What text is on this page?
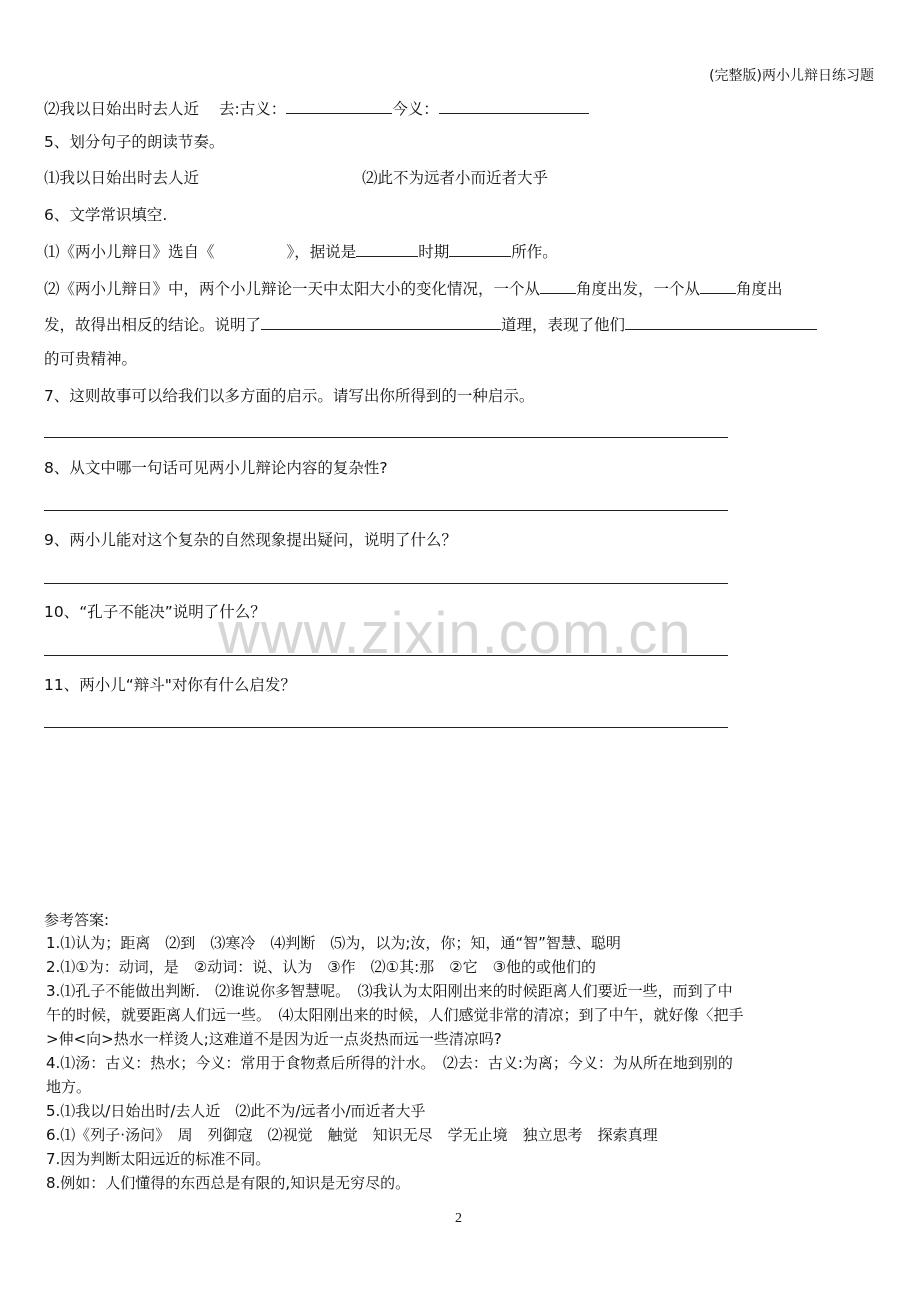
(完整版)两小儿辩日练习题
www.zixin.com.cn
⑵我以日始出时去人近 去:古义：	今义：
5、划分句子的朗读节奏。
⑴我以日始出时去人近	⑵此不为远者小而近者大乎
6、文学常识填空.
⑴《两小儿辩日》选自《	》，据说是	时期	所作。
⑵《两小儿辩日》中，两个小儿辩论一天中太阳大小的变化情况，一个从 角度出发，一个从 角度出
发，故得出相反的结论。说明了	道理，表现了他们
的可贵精神。
7、这则故事可以给我们以多方面的启示。请写出你所得到的一种启示。
8、从文中哪一句话可见两小儿辩论内容的复杂性?
9、两小儿能对这个复杂的自然现象提出疑问，说明了什么？
10、“孔子不能决”说明了什么？
11、两小儿“辩斗"对你有什么启发？
参考答案:
1.⑴认为；距离　⑵到　⑶寒冷　⑷判断　⑸为，以为;汝，你；知，通“智”智慧、聪明
2.⑴①为：动词，是　②动词：说、认为　③作　⑵①其:那　②它　③他的或他们的
3.⑴孔子不能做出判断.　⑵谁说你多智慧呢。　⑶我认为太阳刚出来的时候距离人们要近一些，而到了中
午的时候，就要距离人们远一些。　⑷太阳刚出来的时候，人们感觉非常的清凉；到了中午，就好像〈把手
>伸<向>热水一样烫人;这难道不是因为近一点炎热而远一些清凉吗?
4.⑴汤：古义：热水；今义：常用于食物煮后所得的汁水。　⑵去：古义:为离；今义：为从所在地到别的
地方。
5.⑴我以/日始出时/去人近　⑵此不为/远者小/而近者大乎
6.⑴《列子·汤问》　周　列御寇　⑵视觉　触觉　知识无尽　学无止境　独立思考　探索真理
7.因为判断太阳远近的标准不同。
8.例如：人们懂得的东西总是有限的,知识是无穷尽的。
2
